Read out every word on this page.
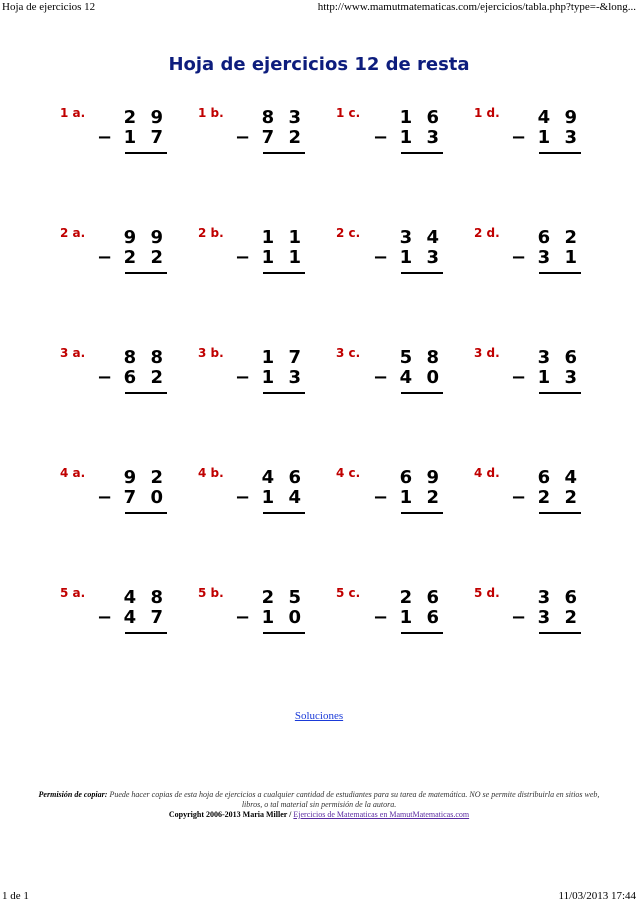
Hoja de ejercicios 12	http://www.mamutmatematicas.com/ejercicios/tabla.php?type=-&long...
Hoja de ejercicios 12 de resta
1 a.	2 9
− 1 7
1 b.	8 3
− 7 2
1 c.	1 6
− 1 3
1 d.	4 9
− 1 3
2 a.	9 9
− 2 2
2 b.	1 1
− 1 1
2 c.	3 4
− 1 3
2 d.	6 2
− 3 1
3 a.	8 8
− 6 2
3 b.	1 7
− 1 3
3 c.	5 8
− 4 0
3 d.	3 6
− 1 3
4 a.	9 2
− 7 0
4 b.	4 6
− 1 4
4 c.	6 9
− 1 2
4 d.	6 4
− 2 2
5 a.	4 8
− 4 7
5 b.	2 5
− 1 0
5 c.	2 6
− 1 6
5 d.	3 6
− 3 2
Soluciones
Permisión de copiar: Puede hacer copias de esta hoja de ejercicios a cualquier cantidad de estudiantes para su tarea de matemática. NO se permite distribuirla en sitios web, libros, o tal material sin permisión de la autora.
Copyright 2006-2013 Maria Miller / Ejercicios de Matematicas en MamutMatematicas.com
1 de 1	11/03/2013 17:44
